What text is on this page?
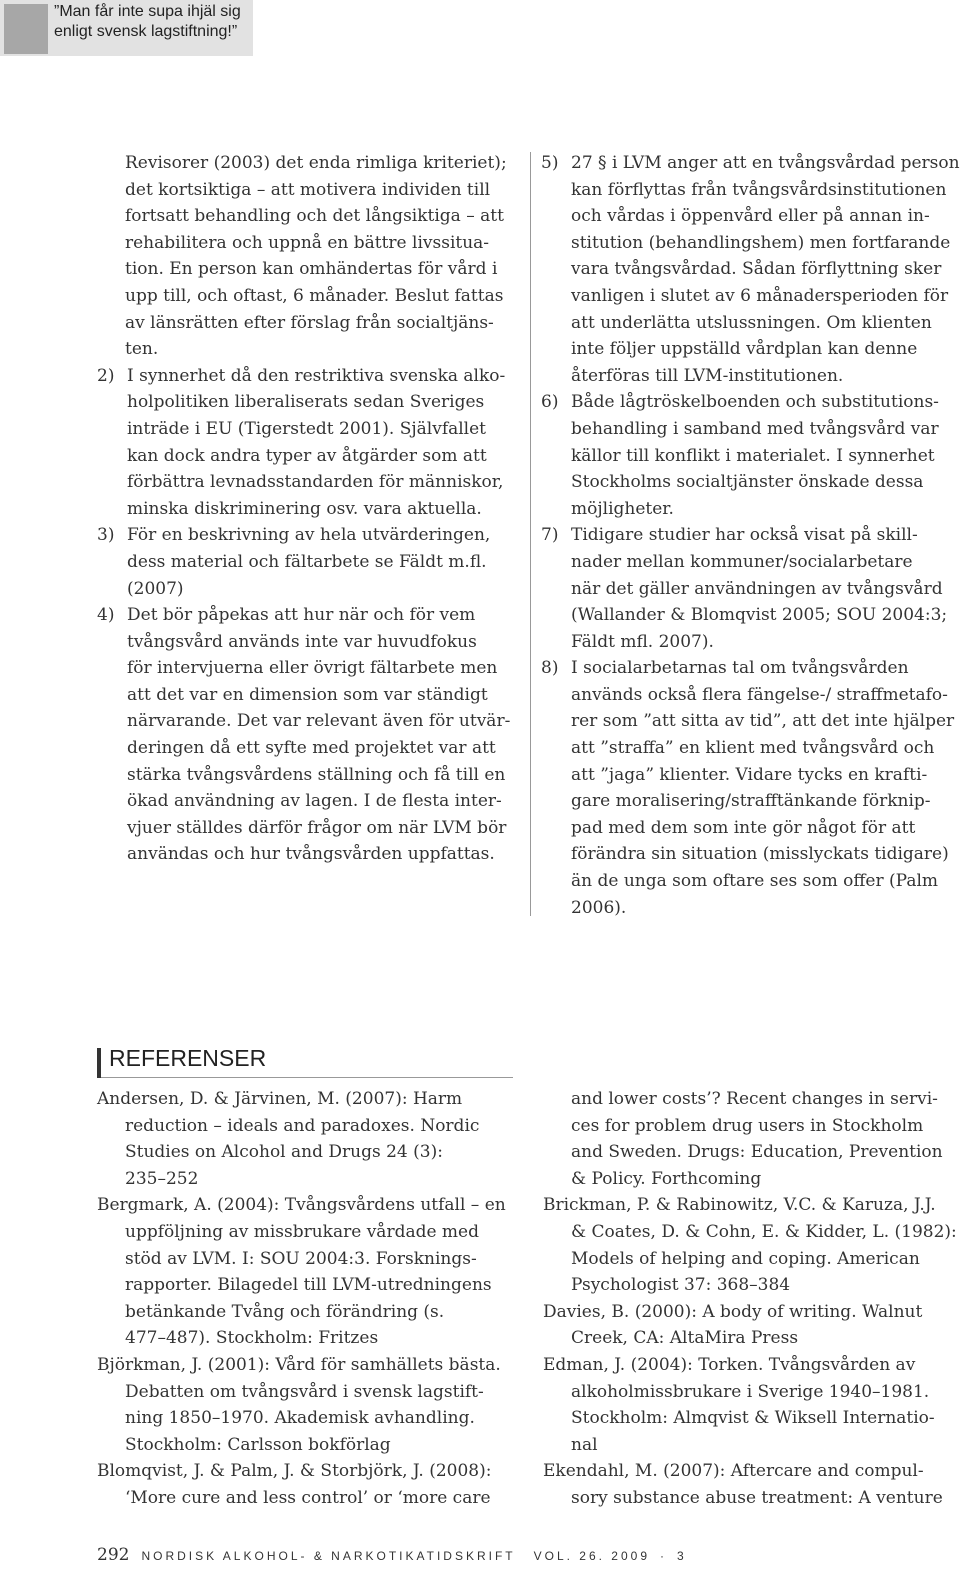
”Man får inte supa ihjäl sig
enligt svensk lagstiftning!”

Revisorer (2003) det enda rimliga kriteriet);
det kortsiktiga – att motivera individen till
fortsatt behandling och det långsiktiga – att
rehabilitera och uppnå en bättre livssitua-
tion. En person kan omhändertas för vård i
upp till, och oftast, 6 månader. Beslut fattas
av länsrätten efter förslag från socialtjäns-
ten.

2) I synnerhet då den restriktiva svenska alko-
holpolitiken liberaliserats sedan Sveriges
inträde i EU (Tigerstedt 2001). Självfallet
kan dock andra typer av åtgärder som att
förbättra levnadsstandarden för människor,
minska diskriminering osv. vara aktuella.
3) För en beskrivning av hela utvärderingen,
dess material och fältarbete se Fäldt m.fl.
(2007)
4) Det bör påpekas att hur när och för vem
tvångsvård används inte var huvudfokus
för intervjuerna eller övrigt fältarbete men
att det var en dimension som var ständigt
närvarande. Det var relevant även för utvär-
deringen då ett syfte med projektet var att
stärka tvångsvårdens ställning och få till en
ökad användning av lagen. I de flesta inter-
vjuer ställdes därför frågor om när LVM bör
användas och hur tvångsvården uppfattas.
5) 27 § i LVM anger att en tvångsvårdad person
kan förflyttas från tvångsvårdsinstitutionen
och vårdas i öppenvård eller på annan in-
stitution (behandlingshem) men fortfarande
vara tvångsvårdad. Sådan förflyttning sker
vanligen i slutet av 6 månadersperioden för
att underlätta utslussningen. Om klienten
inte följer uppställd vårdplan kan denne
återföras till LVM-institutionen.
6) Både lågtröskelboenden och substitutions-
behandling i samband med tvångsvård var
källor till konflikt i materialet. I synnerhet
Stockholms socialtjänster önskade dessa
möjligheter.
7) Tidigare studier har också visat på skill-
nader mellan kommuner/socialarbetare
när det gäller användningen av tvångsvård
(Wallander & Blomqvist 2005; SOU 2004:3;
Fäldt mfl. 2007).
8) I socialarbetarnas tal om tvångsvården
används också flera fängelse-/ straffmetafo-
rer som ”att sitta av tid”, att det inte hjälper
att ”straffa” en klient med tvångsvård och
att ”jaga” klienter. Vidare tycks en krafti-
gare moralisering/strafftänkande förknip-
pad med dem som inte gör något för att
förändra sin situation (misslyckats tidigare)
än de unga som oftare ses som offer (Palm
2006).
REFERENSER

Andersen, D. & Järvinen, M. (2007): Harm
reduction – ideals and paradoxes. Nordic
Studies on Alcohol and Drugs 24 (3):
235–252

Bergmark, A. (2004): Tvångsvårdens utfall – en
uppföljning av missbrukare vårdade med
stöd av LVM. I: SOU 2004:3. Forsknings-
rapporter. Bilagedel till LVM-utredningens
betänkande Tvång och förändring (s.
477–487). Stockholm: Fritzes

Björkman, J. (2001): Vård för samhällets bästa.
Debatten om tvångsvård i svensk lagstift-
ning 1850–1970. Akademisk avhandling.
Stockholm: Carlsson bokförlag

Blomqvist, J. & Palm, J. & Storbjörk, J. (2008):
‘More cure and less control’ or ‘more care

and lower costs’? Recent changes in servi-
ces for problem drug users in Stockholm
and Sweden. Drugs: Education, Prevention
& Policy. Forthcoming

Brickman, P. & Rabinowitz, V.C. & Karuza, J.J.
& Coates, D. & Cohn, E. & Kidder, L. (1982):
Models of helping and coping. American
Psychologist 37: 368–384

Davies, B. (2000): A body of writing. Walnut
Creek, CA: AltaMira Press

Edman, J. (2004): Torken. Tvångsvården av
alkoholmissbrukare i Sverige 1940–1981.
Stockholm: Almqvist & Wiksell Internatio-
nal

Ekendahl, M. (2007): Aftercare and compul-
sory substance abuse treatment: A venture

292 NORDISK ALKOHOL- & NARKOTIKATIDSKRIFT VOL. 26. 2009 · 3
